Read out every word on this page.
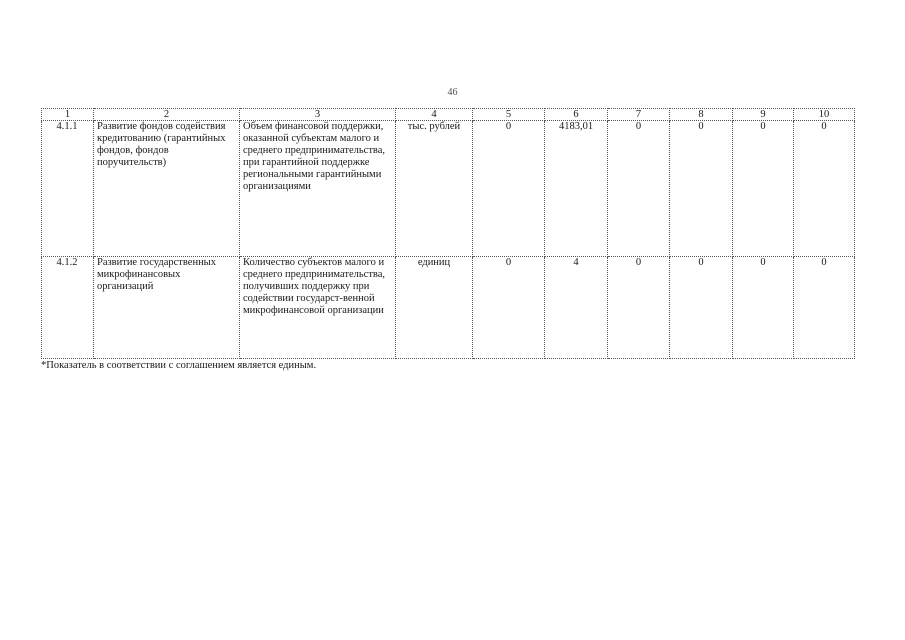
46
1	2	3	4	5	6	7	8	9	10
4.1.1	Развитие фондов содействия кредитованию (гарантийных фондов, фондов поручительств)	Объем финансовой поддержки, оказанной субъектам малого и среднего предпринимательства, при гарантийной поддержке региональными гарантийными организациями	тыс. рублей	0	4183,01	0	0	0	0
4.1.2	Развитие государственных микрофинансовых организаций	Количество субъектов малого и среднего предпринимательства, получивших поддержку при содействии государст-венной микрофинансовой организации	единиц	0	4	0	0	0	0
*Показатель в соответствии с соглашением является единым.
